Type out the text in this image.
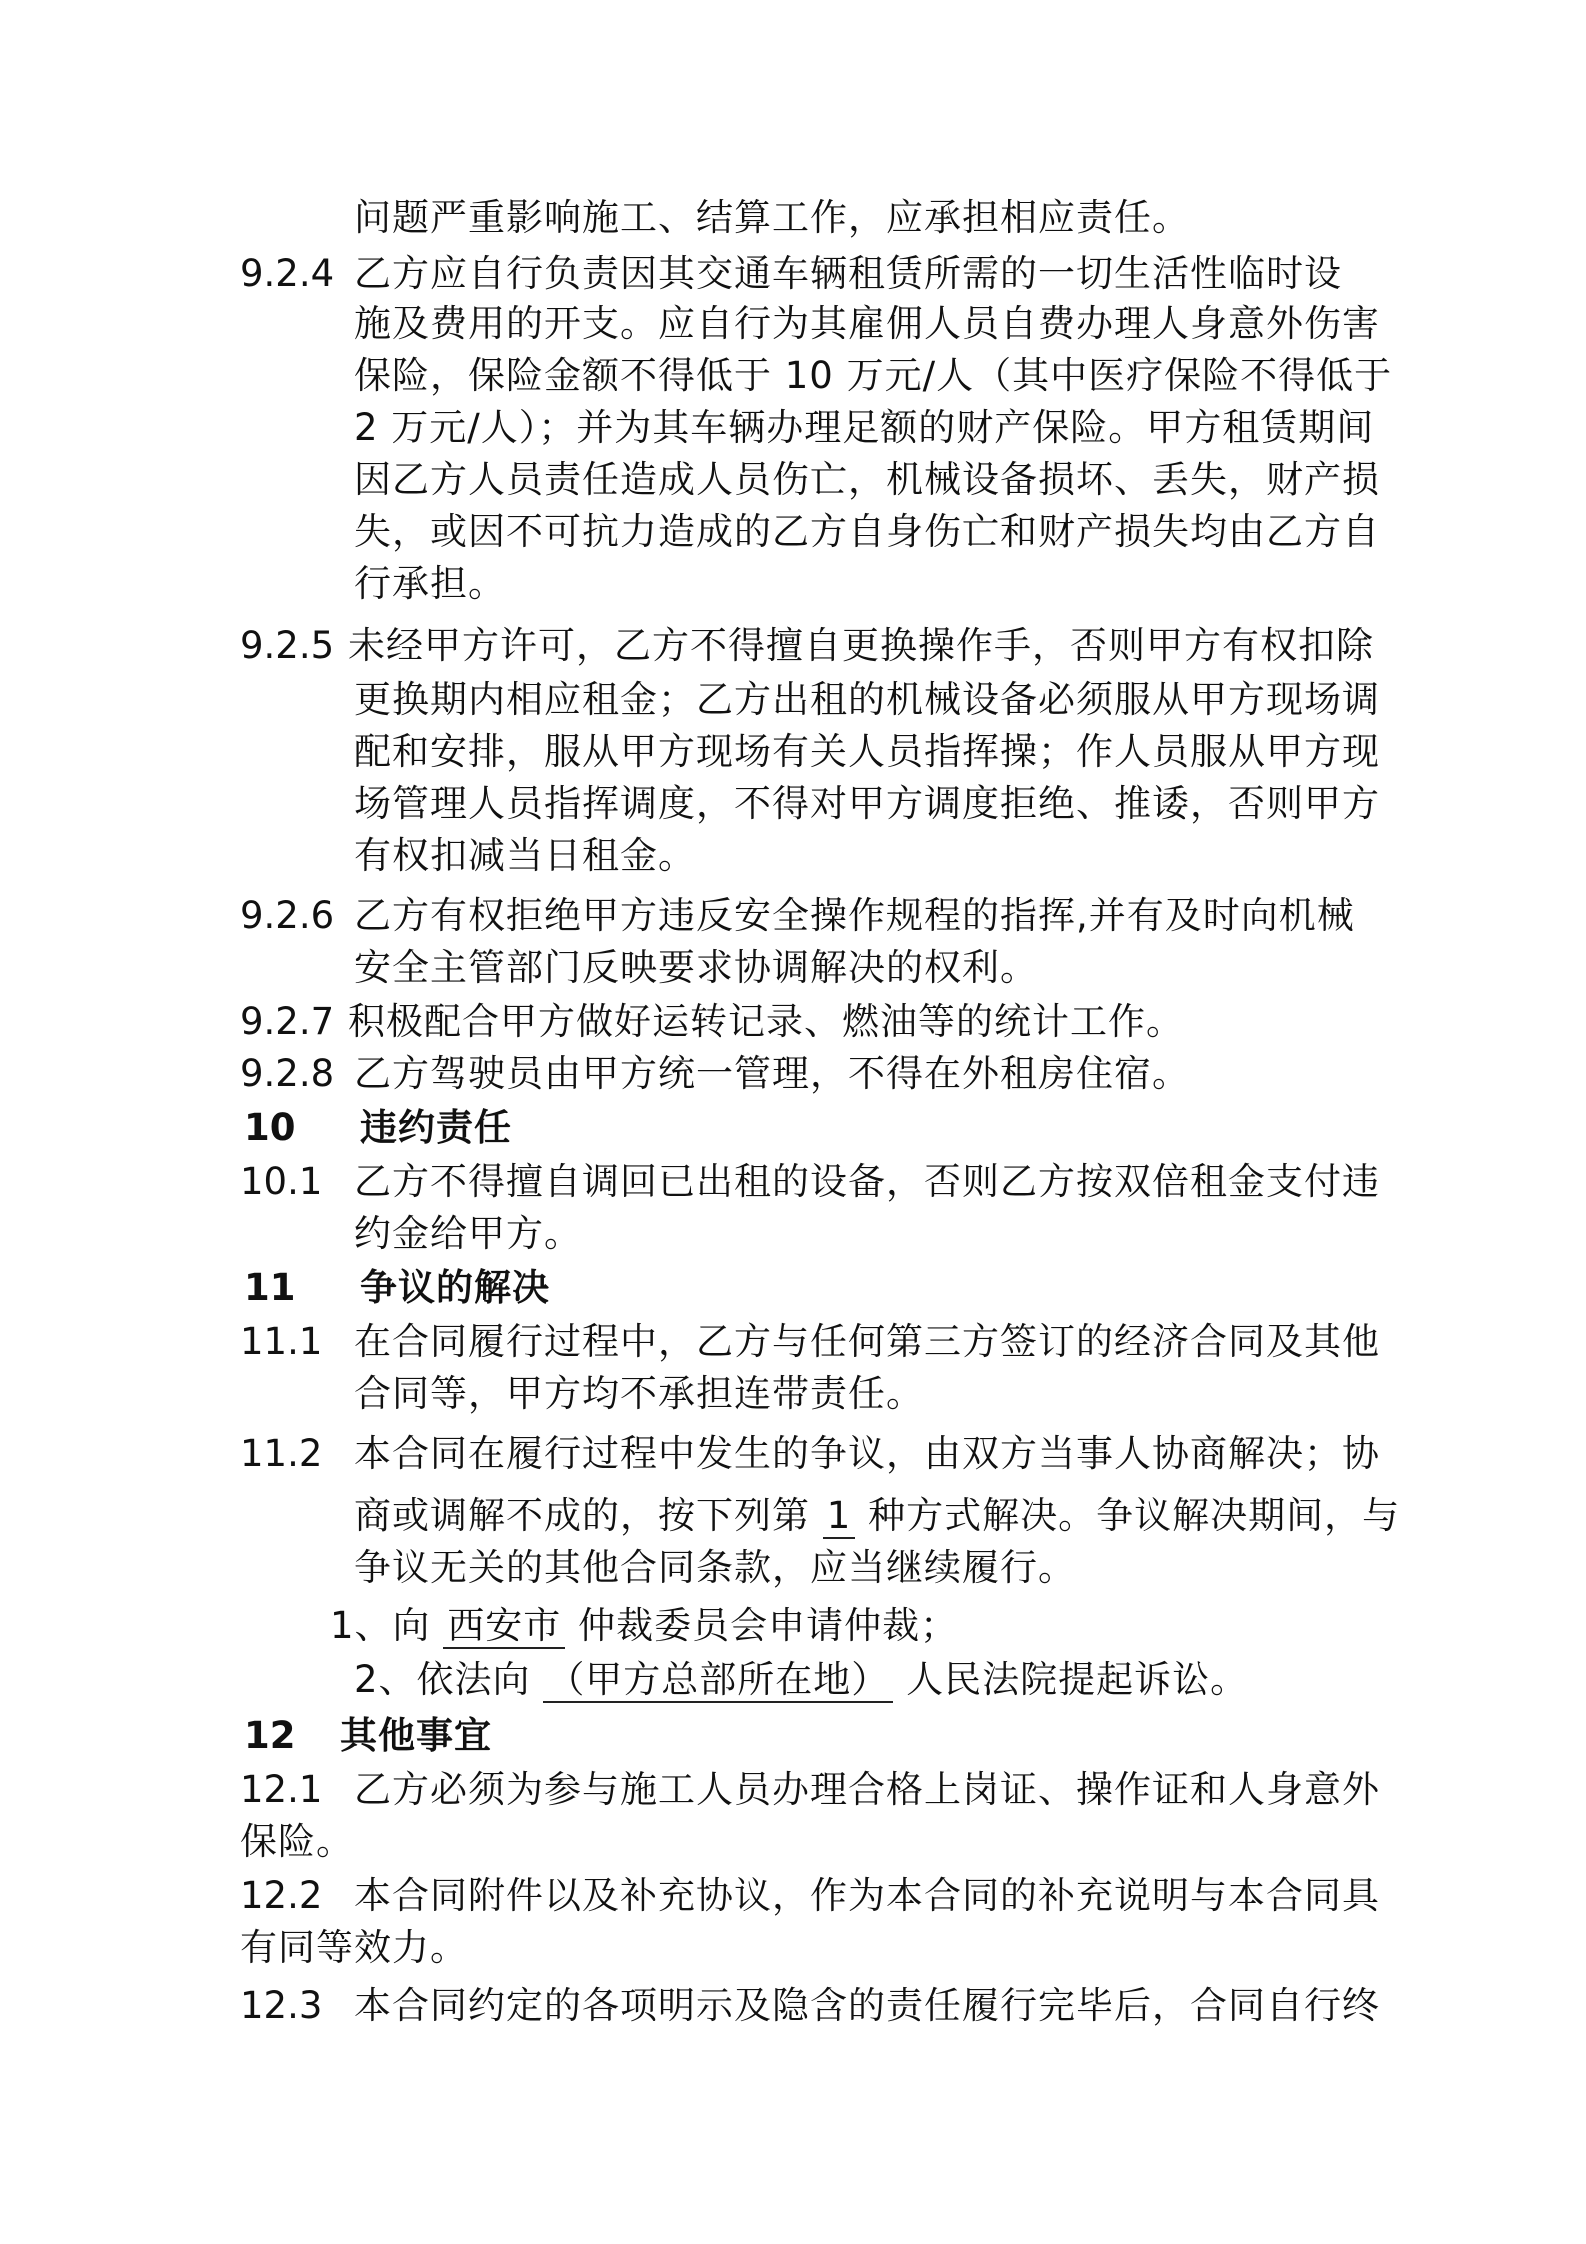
问题严重影响施工、结算工作，应承担相应责任。
9.2.4 乙方应自行负责因其交通车辆租赁所需的一切生活性临时设
施及费用的开支。应自行为其雇佣人员自费办理人身意外伤害
保险，保险金额不得低于 10 万元/人（其中医疗保险不得低于
2 万元/人）；并为其车辆办理足额的财产保险。甲方租赁期间
因乙方人员责任造成人员伤亡，机械设备损坏、丢失，财产损
失，或因不可抗力造成的乙方自身伤亡和财产损失均由乙方自
行承担。
9.2.5 未经甲方许可，乙方不得擅自更换操作手，否则甲方有权扣除
更换期内相应租金；乙方出租的机械设备必须服从甲方现场调
配和安排，服从甲方现场有关人员指挥操；作人员服从甲方现
场管理人员指挥调度，不得对甲方调度拒绝、推诿，否则甲方
有权扣减当日租金。
9.2.6 乙方有权拒绝甲方违反安全操作规程的指挥,并有及时向机械
安全主管部门反映要求协调解决的权利。
9.2.7 积极配合甲方做好运转记录、燃油等的统计工作。
9.2.8 乙方驾驶员由甲方统一管理，不得在外租房住宿。
10 违约责任
10.1 乙方不得擅自调回已出租的设备，否则乙方按双倍租金支付违
约金给甲方。
11 争议的解决
11.1 在合同履行过程中，乙方与任何第三方签订的经济合同及其他
合同等，甲方均不承担连带责任。
11.2 本合同在履行过程中发生的争议，由双方当事人协商解决；协
商或调解不成的，按下列第 1 种方式解决。争议解决期间，与
争议无关的其他合同条款，应当继续履行。
1、向 西安市 仲裁委员会申请仲裁；
2、依法向 （甲方总部所在地） 人民法院提起诉讼。
12 其他事宜
12.1 乙方必须为参与施工人员办理合格上岗证、操作证和人身意外
保险。
12.2 本合同附件以及补充协议，作为本合同的补充说明与本合同具
有同等效力。
12.3 本合同约定的各项明示及隐含的责任履行完毕后，合同自行终
